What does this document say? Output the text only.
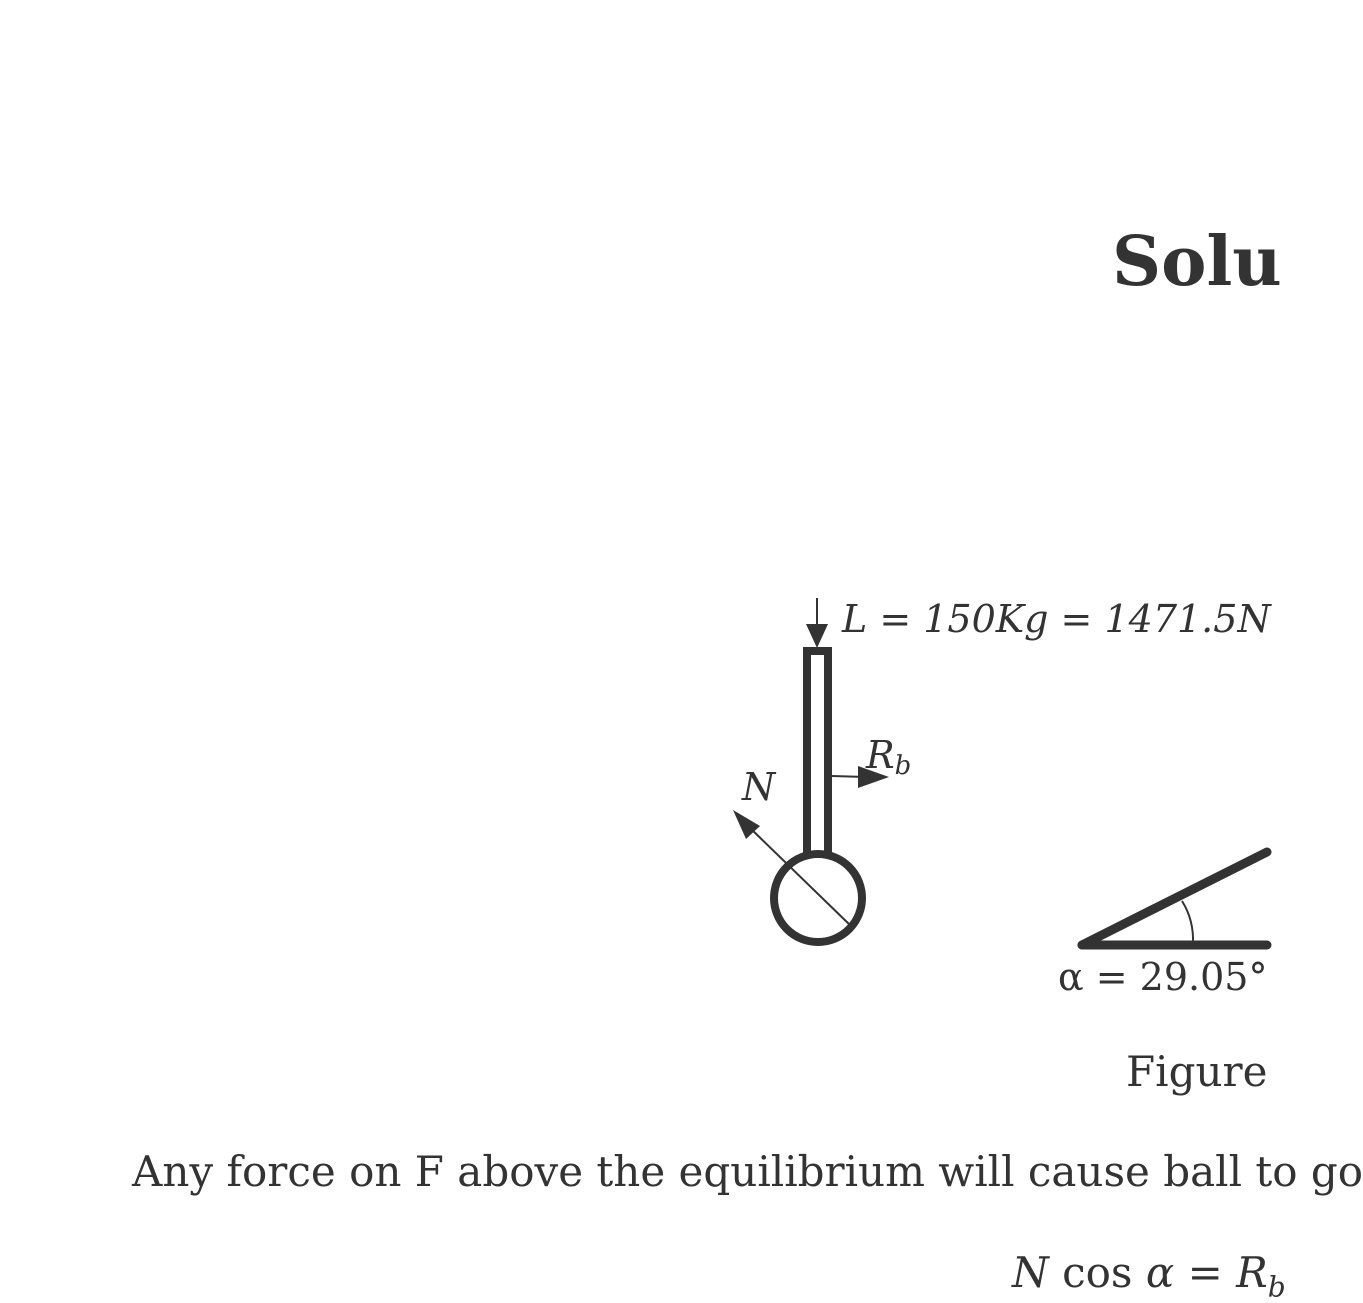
Solu
L = 150Kg = 1471.5N
N
Rb
α = 29.05°
Figure
Any force on F above the equilibrium will cause ball to go
N $\cos \alpha = R_b$
